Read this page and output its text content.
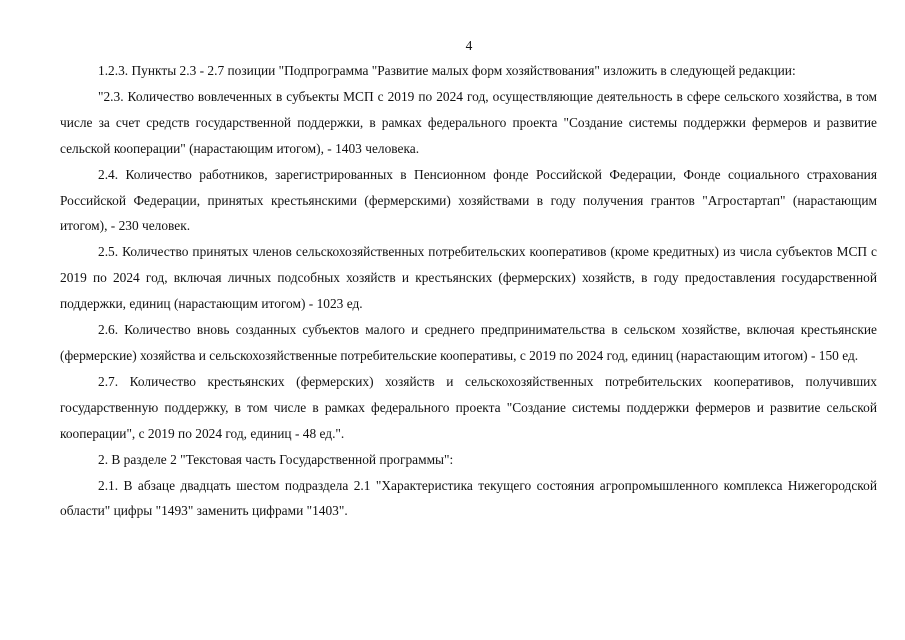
4

1.2.3. Пункты 2.3 - 2.7 позиции "Подпрограмма "Развитие малых форм хозяйствования" изложить в следующей редакции:

"2.3. Количество вовлеченных в субъекты МСП с 2019 по 2024 год, осуществляющие деятельность в сфере сельского хозяйства, в том числе за счет средств государственной поддержки, в рамках федерального проекта "Создание системы поддержки фермеров и развитие сельской кооперации" (нарастающим итогом), - 1403 человека.

2.4. Количество работников, зарегистрированных в Пенсионном фонде Российской Федерации, Фонде социального страхования Российской Федерации, принятых крестьянскими (фермерскими) хозяйствами в году получения грантов "Агростартап" (нарастающим итогом), - 230 человек.

2.5. Количество принятых членов сельскохозяйственных потребительских кооперативов (кроме кредитных) из числа субъектов МСП с 2019 по 2024 год, включая личных подсобных хозяйств и крестьянских (фермерских) хозяйств, в году предоставления государственной поддержки, единиц (нарастающим итогом) - 1023 ед.

2.6. Количество вновь созданных субъектов малого и среднего предпринимательства в сельском хозяйстве, включая крестьянские (фермерские) хозяйства и сельскохозяйственные потребительские кооперативы, с 2019 по 2024 год, единиц (нарастающим итогом) - 150 ед.

2.7. Количество крестьянских (фермерских) хозяйств и сельскохозяйственных потребительских кооперативов, получивших государственную поддержку, в том числе в рамках федерального проекта "Создание системы поддержки фермеров и развитие сельской кооперации", с 2019 по 2024 год, единиц - 48 ед.".

2. В разделе 2 "Текстовая часть Государственной программы":

2.1. В абзаце двадцать шестом подраздела 2.1 "Характеристика текущего состояния агропромышленного комплекса Нижегородской области" цифры "1493" заменить цифрами "1403".
